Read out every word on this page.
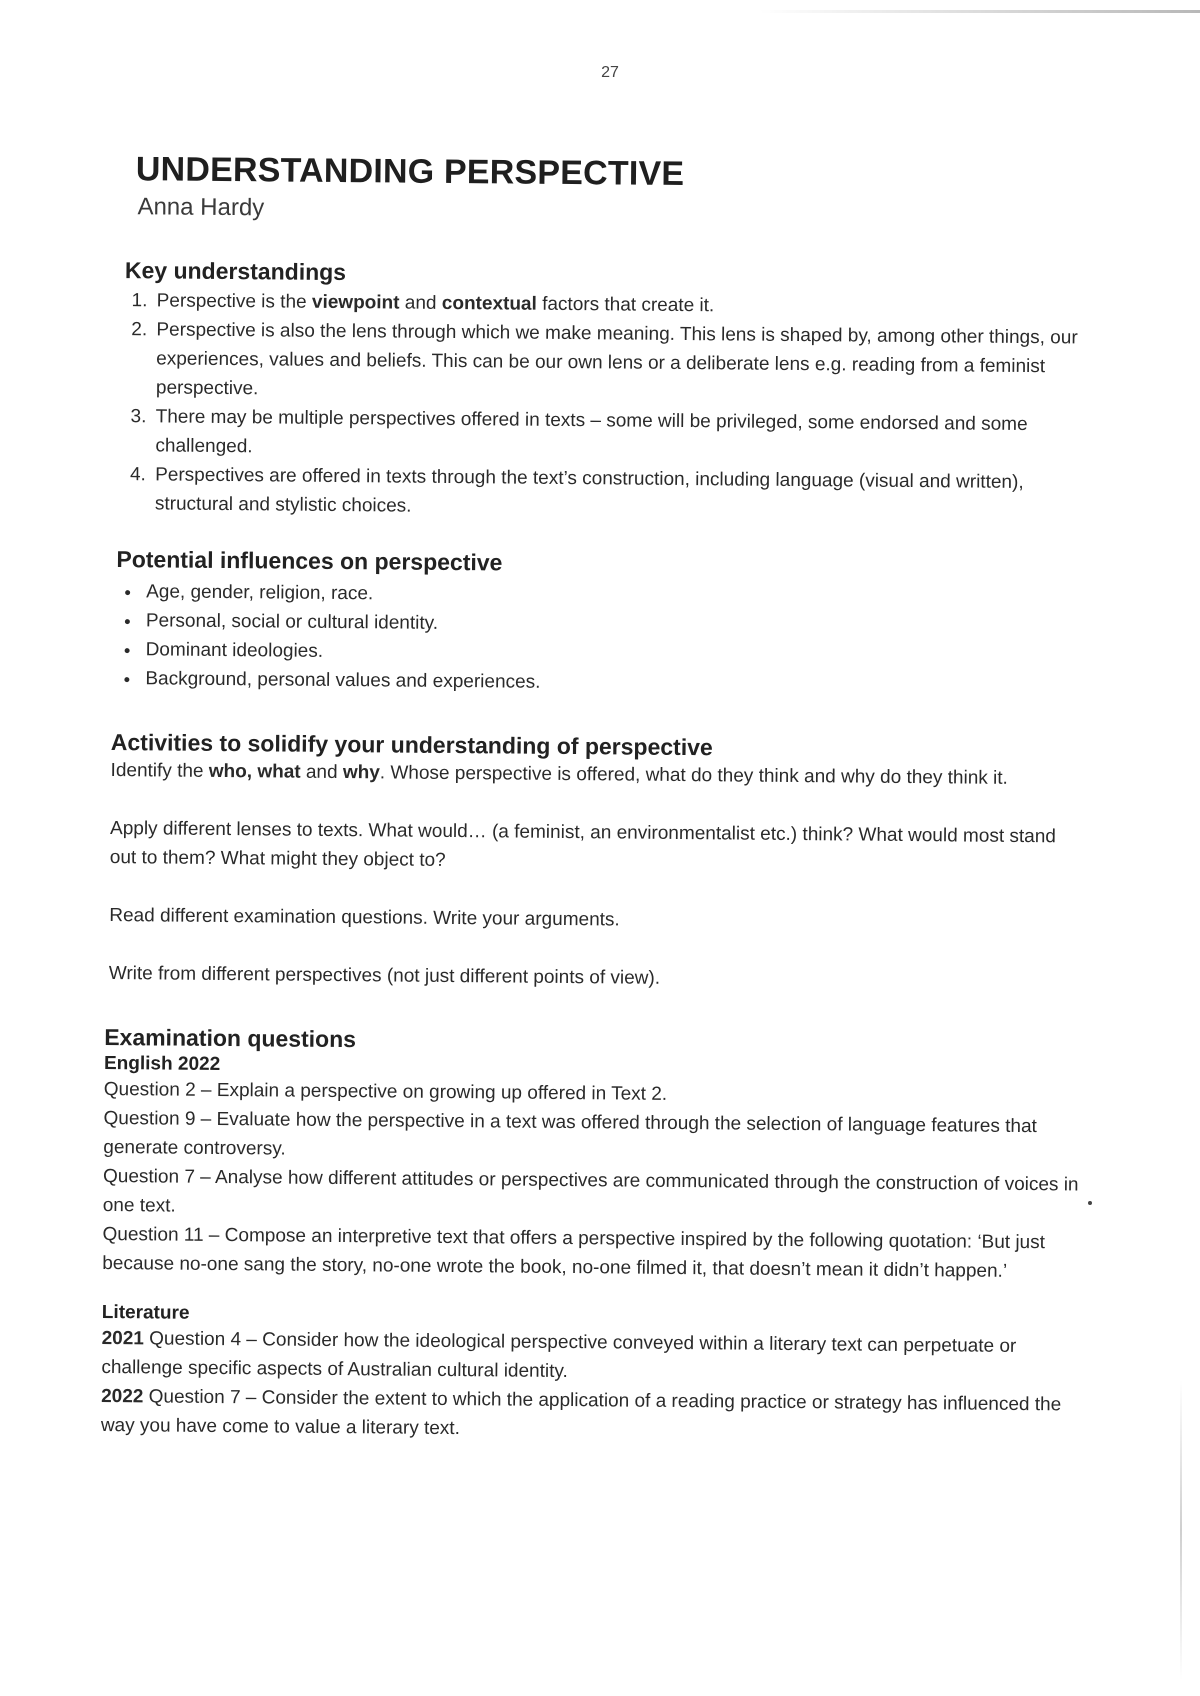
27
UNDERSTANDING PERSPECTIVE
Anna Hardy
Key understandings
1. Perspective is the viewpoint and contextual factors that create it.
2. Perspective is also the lens through which we make meaning. This lens is shaped by, among other things, our experiences, values and beliefs. This can be our own lens or a deliberate lens e.g. reading from a feminist perspective.
3. There may be multiple perspectives offered in texts – some will be privileged, some endorsed and some challenged.
4. Perspectives are offered in texts through the text’s construction, including language (visual and written), structural and stylistic choices.
Potential influences on perspective
• Age, gender, religion, race.
• Personal, social or cultural identity.
• Dominant ideologies.
• Background, personal values and experiences.
Activities to solidify your understanding of perspective

Identify the who, what and why. Whose perspective is offered, what do they think and why do they think it.

Apply different lenses to texts. What would… (a feminist, an environmentalist etc.) think? What would most stand out to them? What might they object to?

Read different examination questions. Write your arguments.

Write from different perspectives (not just different points of view).

Examination questions
English 2022

Question 2 – Explain a perspective on growing up offered in Text 2.

Question 9 – Evaluate how the perspective in a text was offered through the selection of language features that generate controversy.

Question 7 – Analyse how different attitudes or perspectives are communicated through the construction of voices in one text.

Question 11 – Compose an interpretive text that offers a perspective inspired by the following quotation: ‘But just because no-one sang the story, no-one wrote the book, no-one filmed it, that doesn’t mean it didn’t happen.’

Literature

2021 Question 4 – Consider how the ideological perspective conveyed within a literary text can perpetuate or challenge specific aspects of Australian cultural identity.

2022 Question 7 – Consider the extent to which the application of a reading practice or strategy has influenced the way you have come to value a literary text.
